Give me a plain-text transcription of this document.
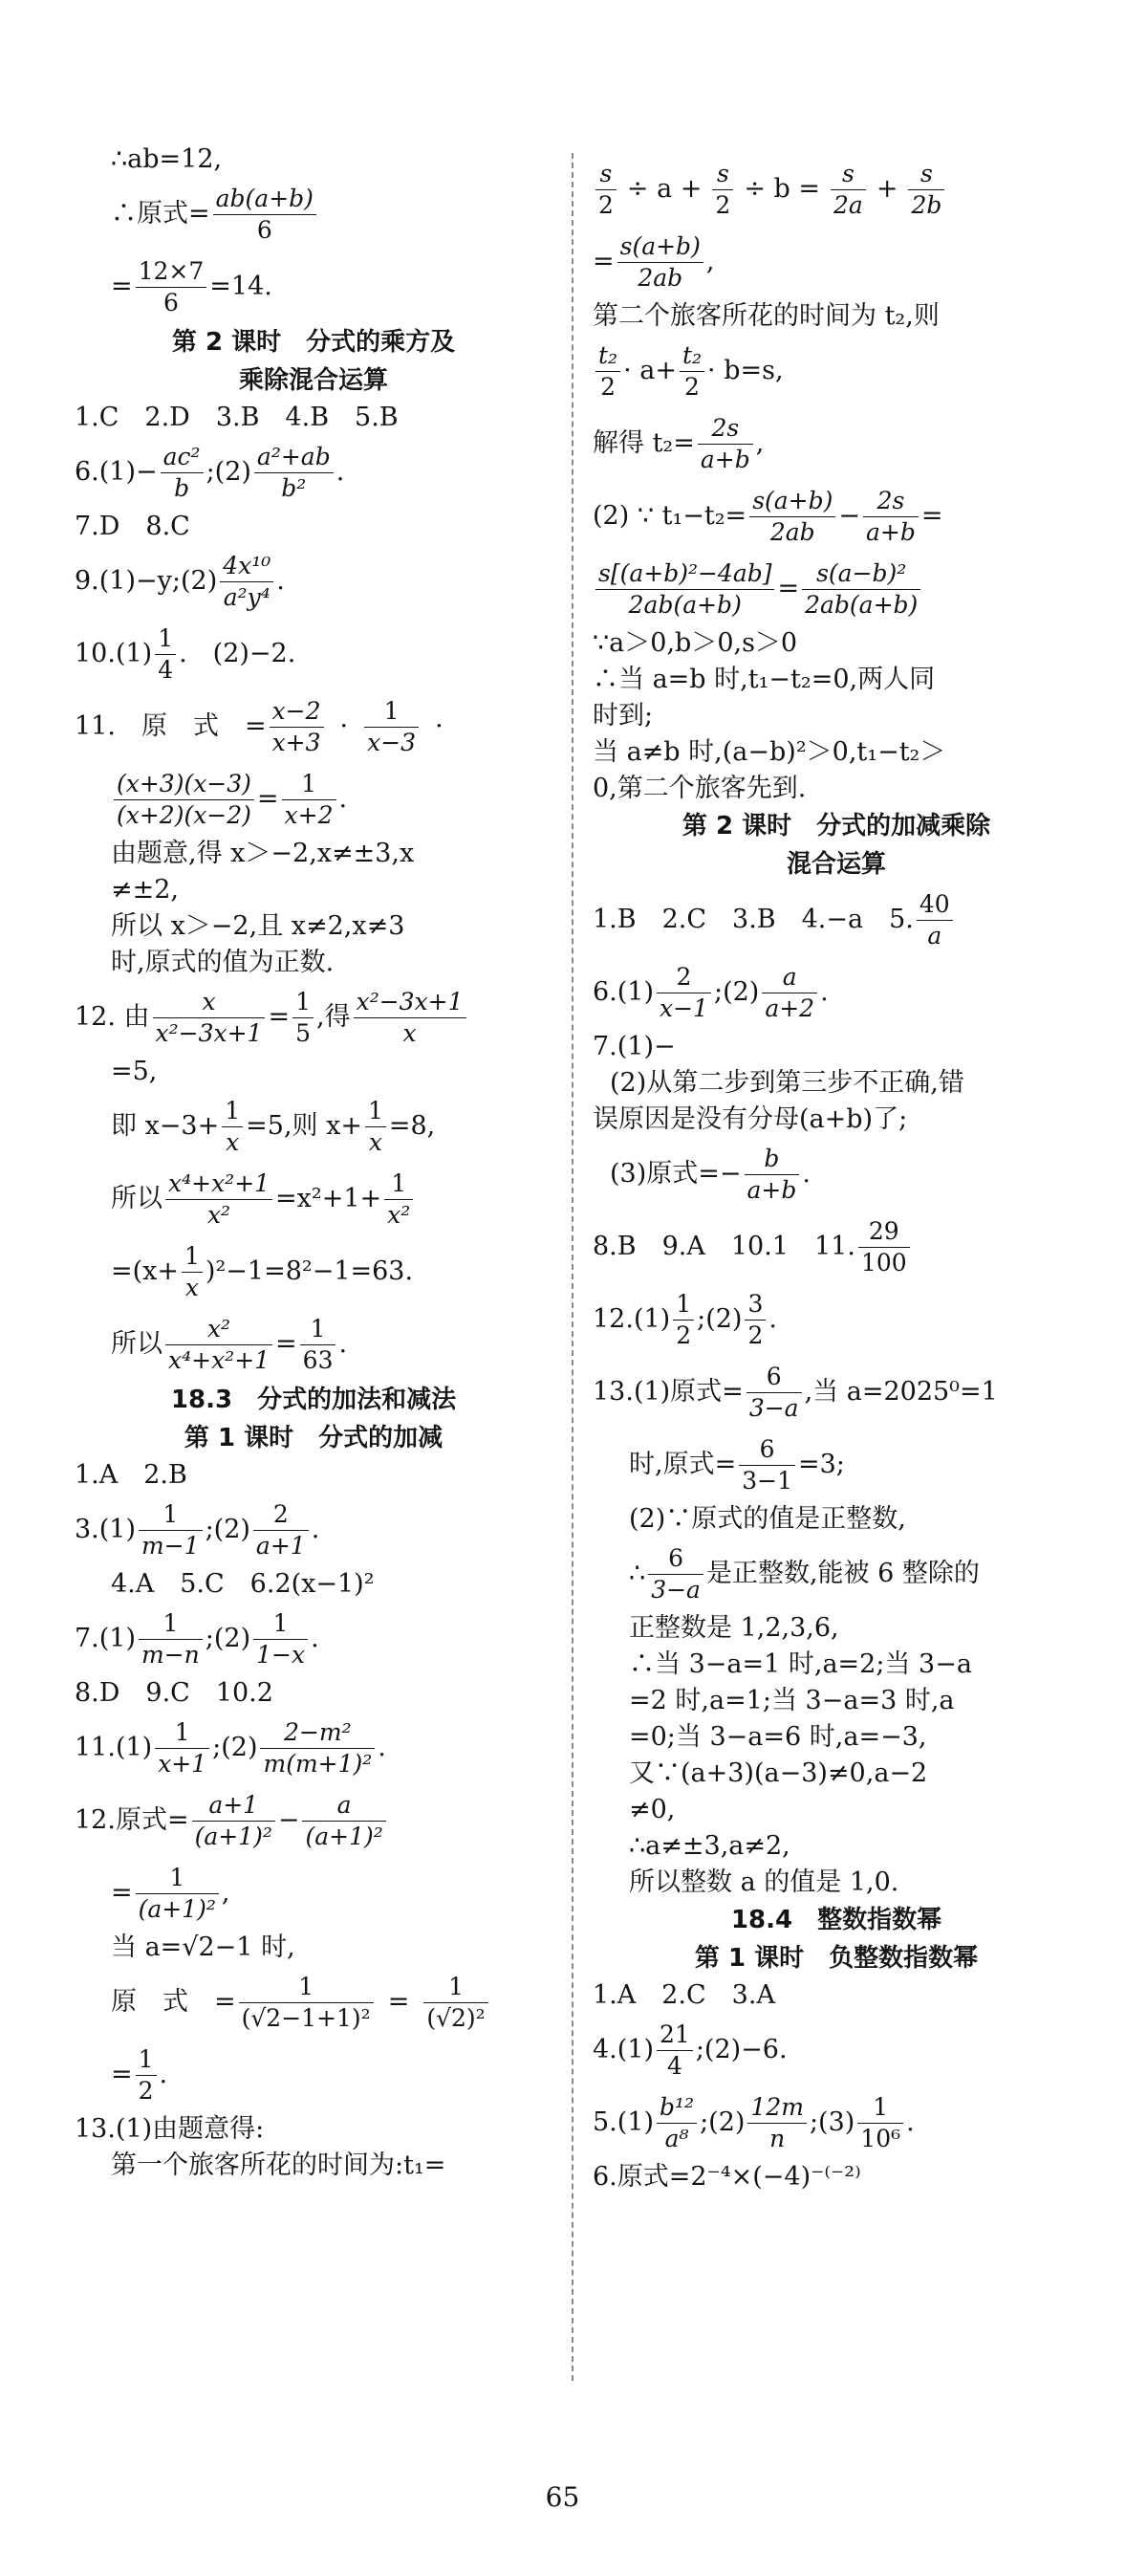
∴ab=12,
∴原式= $\frac{ab(a+b)}{6}$
= $\frac{12\times 7}{6} =14$.
第 2 课时　分式的乘方及
乘除混合运算
1.C　2.D　3.B　4.B　5.B
$6.(1)- \frac{\text{ac²}}{b}$ ;(2) $\frac{\text{a²+ab}}{\text{b²}}$ .
7.D　8.C
9.(1)−y;(2) $\frac{\text{4x¹⁰}}{\text{a²y⁴}}$ .
$10.(1) \frac{1}{4}$ .　(2)−2.
11.　原　式　= $\frac{x-2}{x+3} \cdot \frac{1}{x-3}$ ·
$\frac{(x+3)(x-3)}{(x+2)(x-2)} = \frac{1}{x+2}$ .
由题意,得 x＞−2,x≠±3,x
≠±2,
所以 x＞−2,且 x≠2,x≠3
时,原式的值为正数.
12. 由 $\frac{x}{\text{x²−3x+1}} = \frac{1}{5}$ ,得 $\frac{\text{x²−3x+1}}{x}$
=5,
即 $x-3+ \frac{1}{x} =5$,则 $x+ \frac{1}{x} =8$,
所以 $\frac{\text{x⁴+x²+1}}{\text{x²}} =x^2+1+ \frac{1}{\text{x²}}$
$=(x+ \frac{1}{x} )^2-1=8^2-1=63$.
所以 $\frac{\text{x²}}{\text{x⁴+x²+1}} = \frac{1}{63}$ .
18.3　分式的加法和减法
第 1 课时　分式的加减
1.A　2.B
$3.(1) \frac{1}{m-1}$ ;(2) $\frac{2}{a+1}$ .
4.A　5.C　6.2(x−1)²
$7.(1) \frac{1}{m-n}$ ;(2) $\frac{1}{1-x}$ .
8.D　9.C　10.2
$11.(1) \frac{1}{x+1}$ ;(2) $\frac{\text{2−m²}}{\text{m(m+1)²}}$ .
12.原式= $\frac{a+1}{\text{(a+1)²}} - \frac{a}{\text{(a+1)²}}$
= $\frac{1}{\text{(a+1)²}}$ ,
当 a=√2−1 时,
原　式　= $\frac{1}{\text{(√2−1+1)²}} = \frac{1}{\text{(√2)²}}$
= $\frac{1}{2}$ .
13.(1)由题意得:
第一个旅客所花的时间为:t₁=
$\frac{s}{2} \div a + \frac{s}{2} \div b = \frac{s}{2a} + \frac{s}{2b}$
= $\frac{s(a+b)}{2ab}$ ,
第二个旅客所花的时间为 t₂,则
$\frac{\text{t₂}}{2} \cdot a+ \frac{\text{t₂}}{2} \cdot b=s$,
解得 $t_2= \frac{2s}{a+b}$ ,
(2) ∵ $t_1-t_2= \frac{s(a+b)}{2ab} - \frac{2s}{a+b}$ =
$\frac{\text{s[(a+b)²−4ab]}}{2ab(a+b)} = \frac{\text{s(a−b)²}}{2ab(a+b)}$
∵a＞0,b＞0,s＞0
∴当 a=b 时,t₁−t₂=0,两人同
时到;
当 a≠b 时,(a−b)²＞0,t₁−t₂＞
0,第二个旅客先到.
第 2 课时　分式的加减乘除
混合运算
1.B　2.C　3.B　4.−a　5. $\frac{40}{a}$
$6.(1) \frac{2}{x-1}$ ;(2) $\frac{a}{a+2}$ .
7.(1)−
(2)从第二步到第三步不正确,错
误原因是没有分母(a+b)了;
(3)原式=− $\frac{b}{a+b}$ .
8.B　9.A　10.1　11. $\frac{29}{100}$
$12.(1) \frac{1}{2}$ ;(2) $\frac{3}{2}$ .
13.(1)原式= $\frac{6}{3-a}$ ,当 a=2025⁰=1
时,原式= $\frac{6}{3-1} =3$;
(2)∵原式的值是正整数,
∴ $\frac{6}{3-a}$ 是正整数,能被 6 整除的
正整数是 1,2,3,6,
∴当 3−a=1 时,a=2;当 3−a
=2 时,a=1;当 3−a=3 时,a
=0;当 3−a=6 时,a=−3,
又∵(a+3)(a−3)≠0,a−2
≠0,
∴a≠±3,a≠2,
所以整数 a 的值是 1,0.
18.4　整数指数幂
第 1 课时　负整数指数幂
1.A　2.C　3.A
$4.(1) \frac{21}{4}$ ;(2)−6.
$5.(1) \frac{\text{b¹²}}{\text{a⁸}}$ ;(2) $\frac{12m}{n}$ ;(3) $\frac{1}{\text{10⁶}}$ .
6.原式=2⁻⁴×(−4)⁻⁽⁻²⁾
65
